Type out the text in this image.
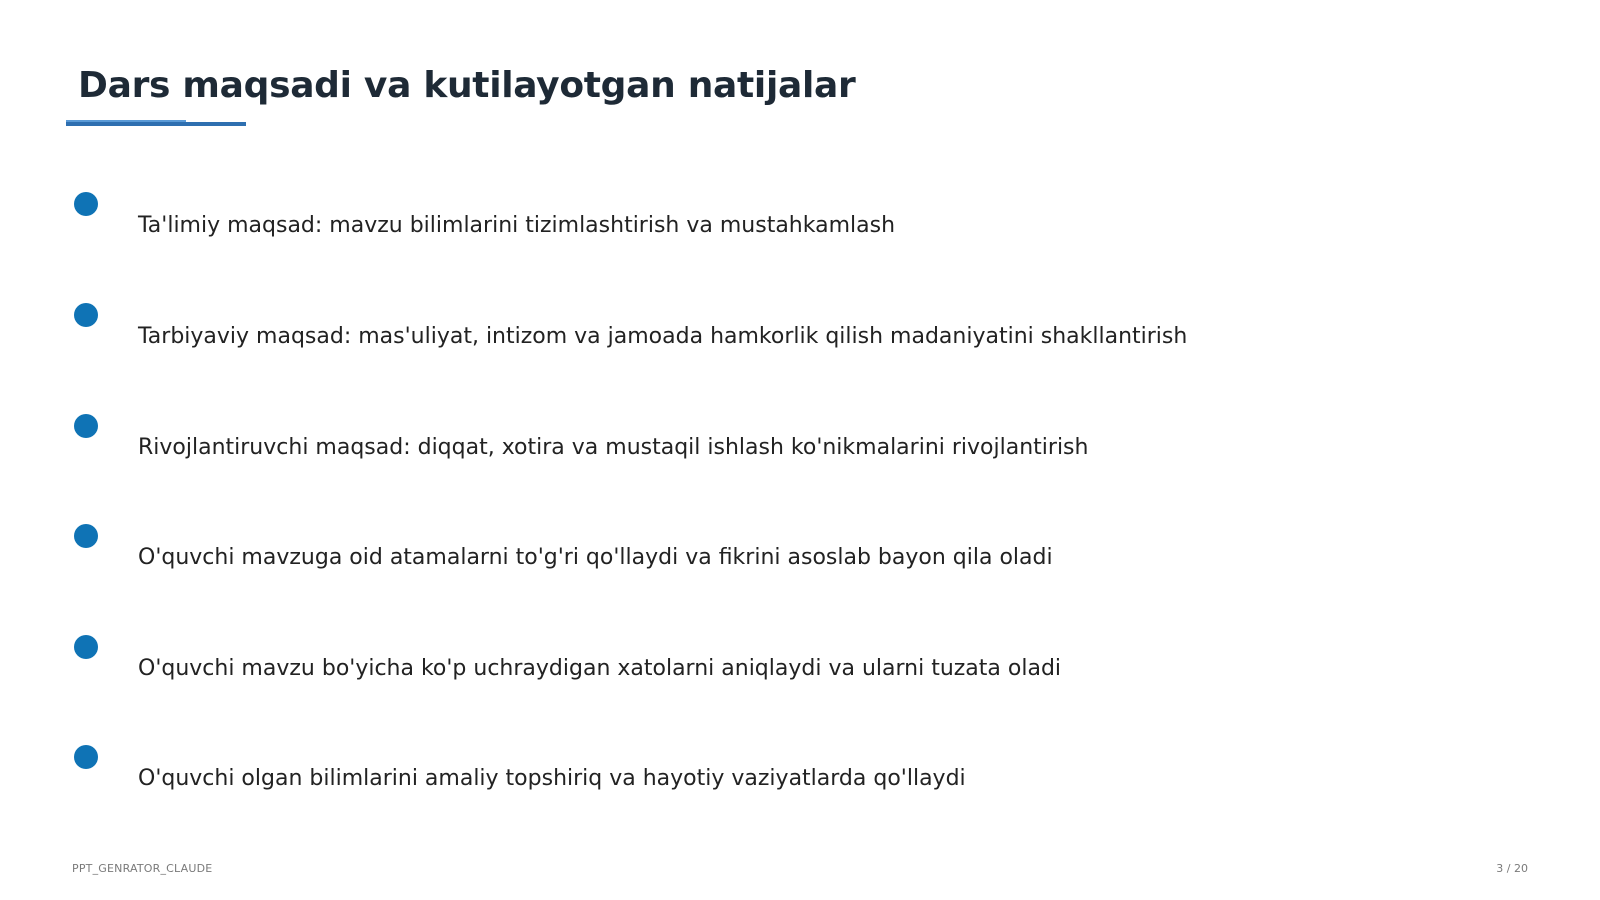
Dars maqsadi va kutilayotgan natijalar
Ta'limiy maqsad: mavzu bilimlarini tizimlashtirish va mustahkamlash
Tarbiyaviy maqsad: mas'uliyat, intizom va jamoada hamkorlik qilish madaniyatini shakllantirish
Rivojlantiruvchi maqsad: diqqat, xotira va mustaqil ishlash ko'nikmalarini rivojlantirish
O'quvchi mavzuga oid atamalarni to'g'ri qo'llaydi va fikrini asoslab bayon qila oladi
O'quvchi mavzu bo'yicha ko'p uchraydigan xatolarni aniqlaydi va ularni tuzata oladi
O'quvchi olgan bilimlarini amaliy topshiriq va hayotiy vaziyatlarda qo'llaydi
PPT_GENRATOR_CLAUDE	3 / 20
